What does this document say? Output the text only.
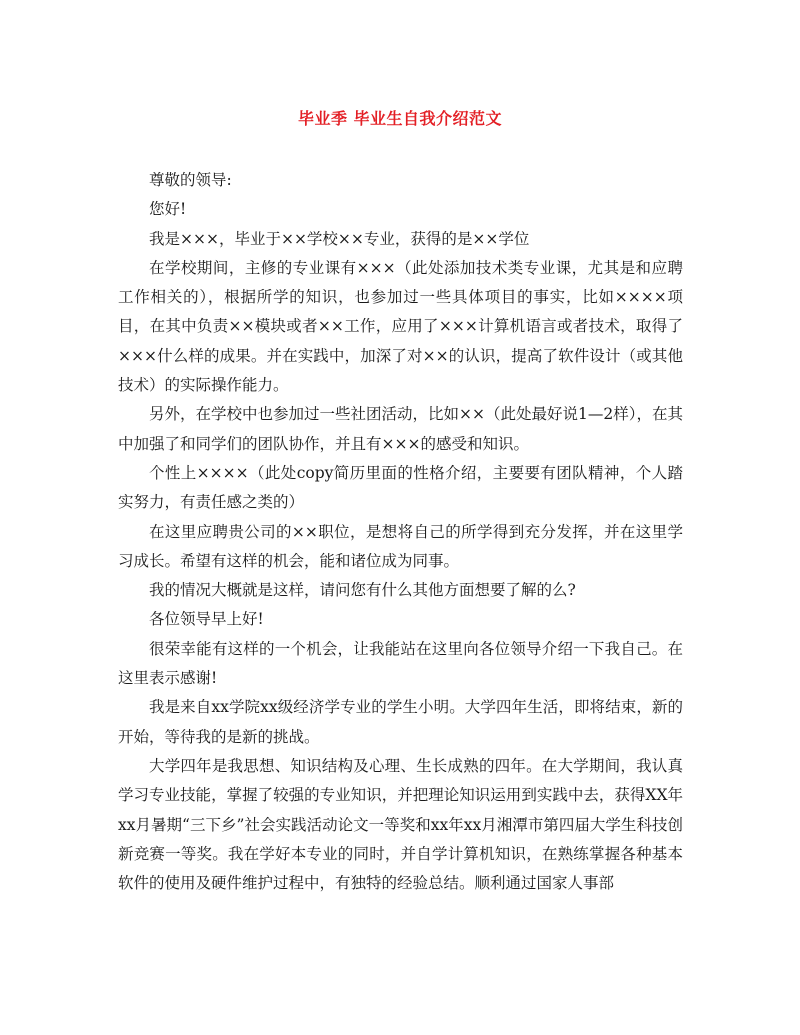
毕业季 毕业生自我介绍范文

尊敬的领导:

您好!

我是×××，毕业于××学校××专业，获得的是××学位

在学校期间，主修的专业课有×××（此处添加技术类专业课，尤其是和应聘工作相关的），根据所学的知识，也参加过一些具体项目的事实，比如××××项目，在其中负责××模块或者××工作，应用了×××计算机语言或者技术，取得了×××什么样的成果。并在实践中，加深了对××的认识，提高了软件设计（或其他技术）的实际操作能力。

另外，在学校中也参加过一些社团活动，比如××（此处最好说1—2样），在其中加强了和同学们的团队协作，并且有×××的感受和知识。

个性上××××（此处copy简历里面的性格介绍，主要要有团队精神，个人踏实努力，有责任感之类的）

在这里应聘贵公司的××职位，是想将自己的所学得到充分发挥，并在这里学习成长。希望有这样的机会，能和诸位成为同事。

我的情况大概就是这样，请问您有什么其他方面想要了解的么?

各位领导早上好!

很荣幸能有这样的一个机会，让我能站在这里向各位领导介绍一下我自己。在这里表示感谢!

我是来自xx学院xx级经济学专业的学生小明。大学四年生活，即将结束，新的开始，等待我的是新的挑战。

大学四年是我思想、知识结构及心理、生长成熟的四年。在大学期间，我认真学习专业技能，掌握了较强的专业知识，并把理论知识运用到实践中去，获得XX年xx月暑期“三下乡”社会实践活动论文一等奖和xx年xx月湘潭市第四届大学生科技创新竞赛一等奖。我在学好本专业的同时，并自学计算机知识，在熟练掌握各种基本软件的使用及硬件维护过程中，有独特的经验总结。顺利通过国家人事部
